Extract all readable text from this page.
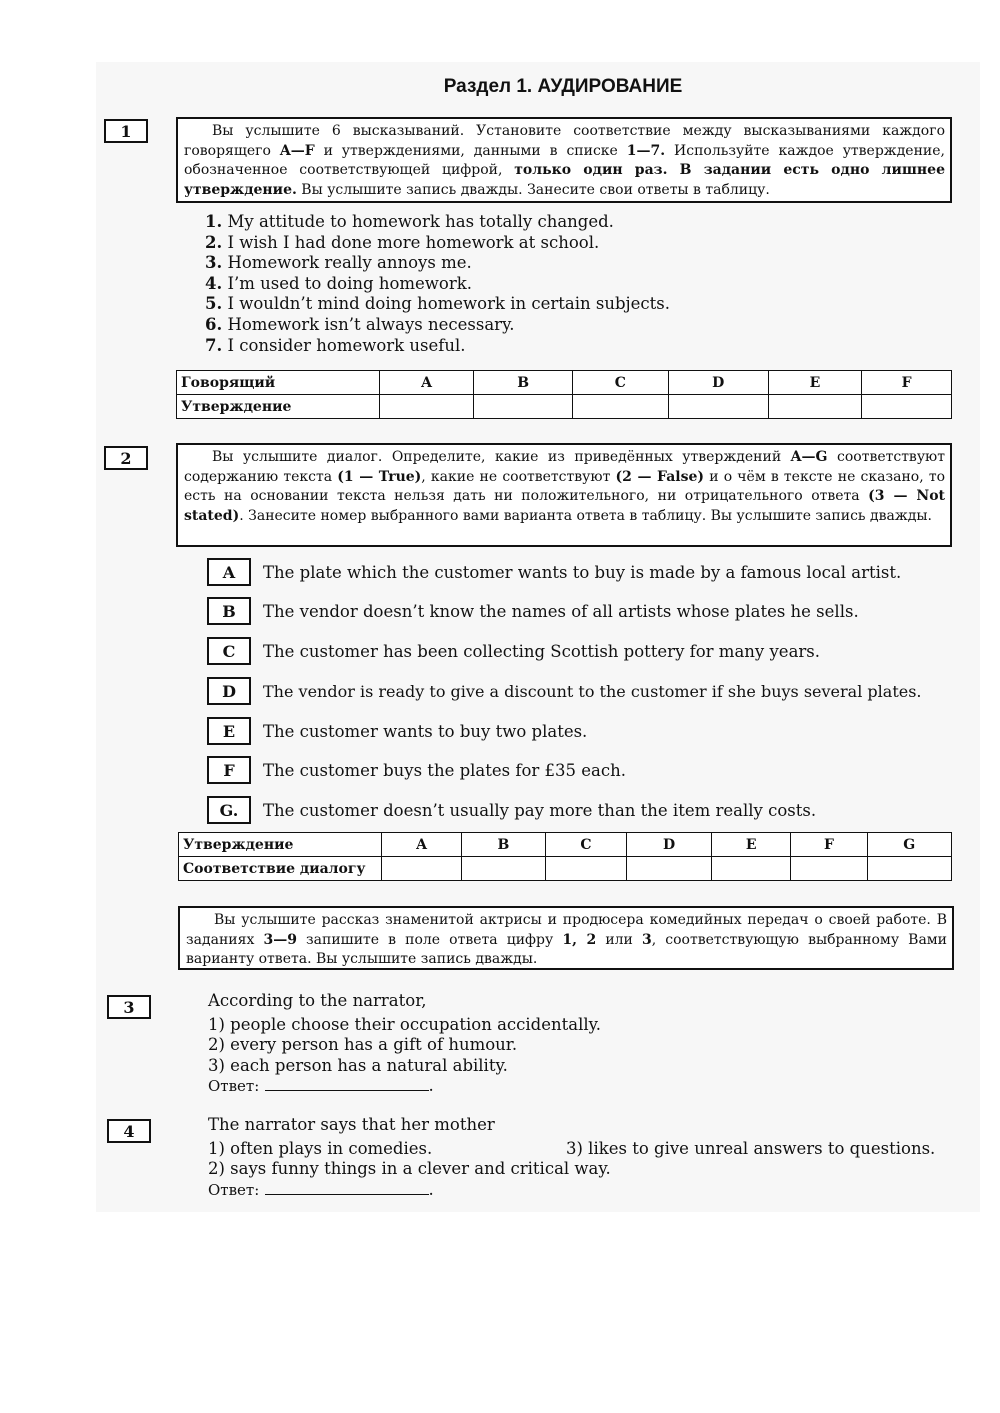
Раздел 1. АУДИРОВАНИЕ
1	Вы услышите 6 высказываний. Установите соответствие между высказываниями каждого говорящего A—F и утверждениями, данными в списке 1—7. Используйте каждое утверждение, обозначенное соответствующей цифрой, только один раз. В задании есть одно лишнее утверждение. Вы услышите запись дважды. Занесите свои ответы в таблицу.
1. My attitude to homework has totally changed.
2. I wish I had done more homework at school.
3. Homework really annoys me.
4. I’m used to doing homework.
5. I wouldn’t mind doing homework in certain subjects.
6. Homework isn’t always necessary.
7. I consider homework useful.
Говорящий	A	B	C	D	E	F
Утверждение						
2	Вы услышите диалог. Определите, какие из приведённых утверждений A—G соответствуют содержанию текста (1 — True), какие не соответствуют (2 — False) и о чём в тексте не сказано, то есть на основании текста нельзя дать ни положительного, ни отрицательного ответа (3 — Not stated). Занесите номер выбранного вами варианта ответа в таблицу. Вы услышите запись дважды.
A	The plate which the customer wants to buy is made by a famous local artist.
B	The vendor doesn’t know the names of all artists whose plates he sells.
C	The customer has been collecting Scottish pottery for many years.
D	The vendor is ready to give a discount to the customer if she buys several plates.
E	The customer wants to buy two plates.
F	The customer buys the plates for £35 each.
G.	The customer doesn’t usually pay more than the item really costs.
Утверждение	A	B	C	D	E	F	G
Соответствие диалогу							
Вы услышите рассказ знаменитой актрисы и продюсера комедийных передач о своей работе. В заданиях 3—9 запишите в поле ответа цифру 1, 2 или 3, соответствующую выбранному Вами варианту ответа. Вы услышите запись дважды.
3	According to the narrator,
1) people choose their occupation accidentally.
2) every person has a gift of humour.
3) each person has a natural ability.
Ответ:	.
4	The narrator says that her mother
1) often plays in comedies.	3) likes to give unreal answers to questions.
2) says funny things in a clever and critical way.
Ответ:	.
